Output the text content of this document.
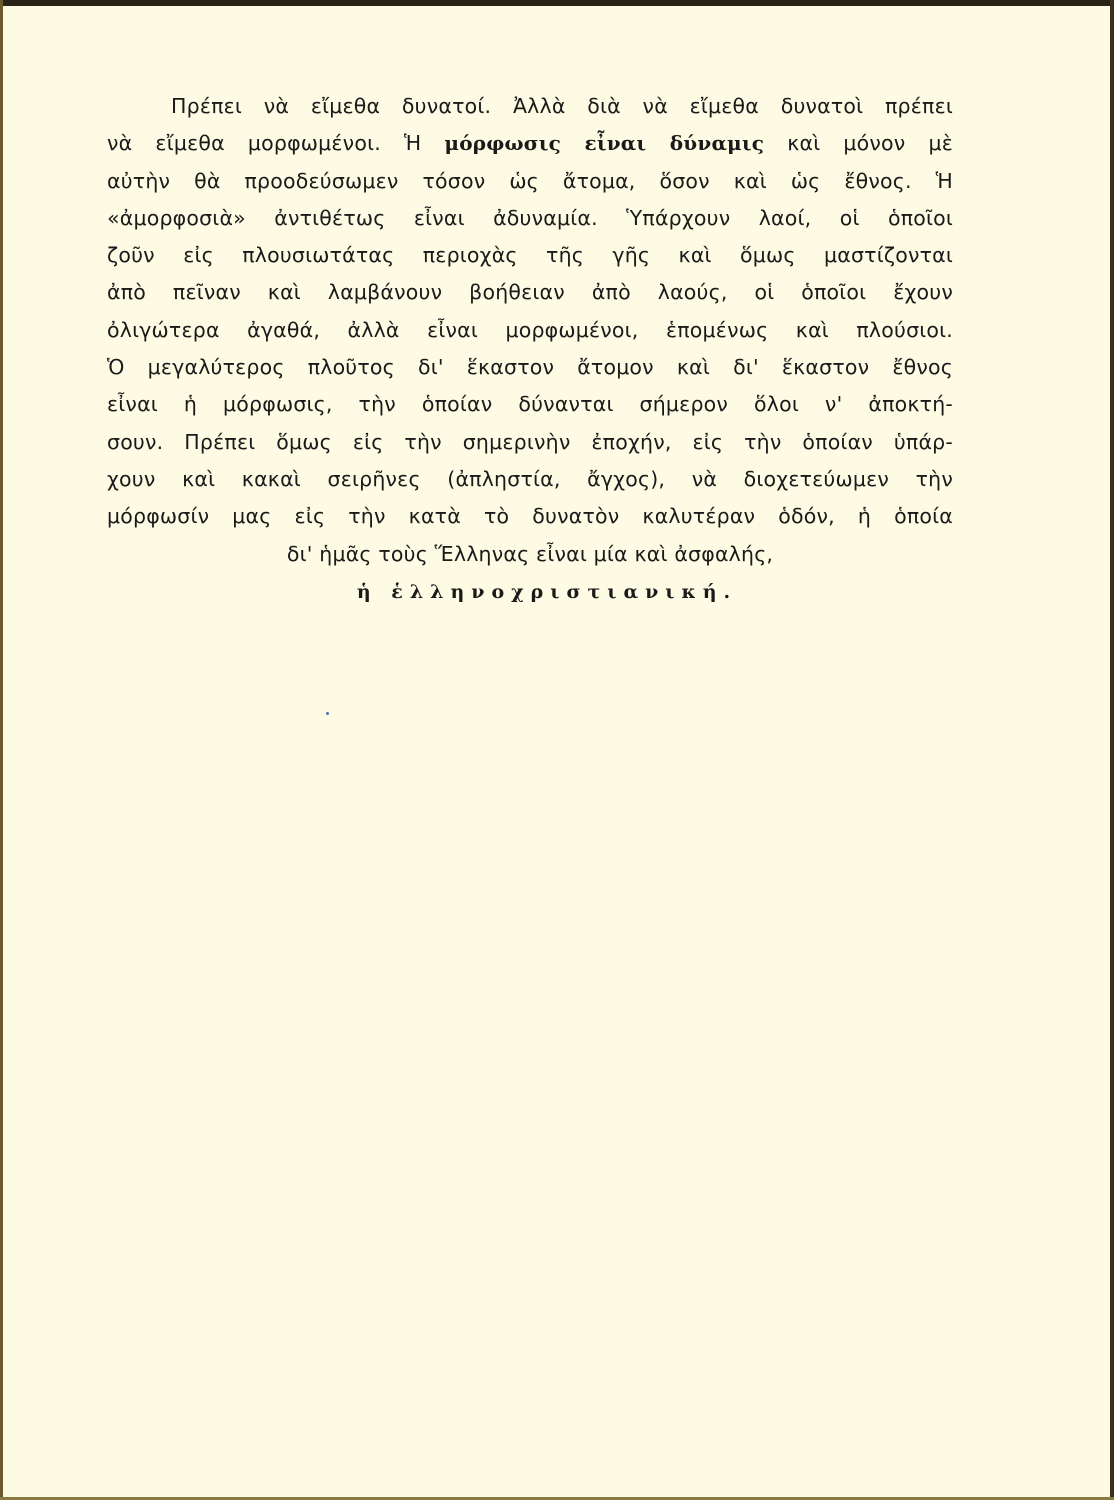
Πρέπει νὰ εἴμεθα δυνατοί. Ἀλλὰ διὰ νὰ εἴμεθα δυνατοὶ πρέπει
νὰ εἴμεθα μορφωμένοι. Ἡ μόρφωσις εἶναι δύναμις καὶ μόνον μὲ
αὐτὴν θὰ προοδεύσωμεν τόσον ὡς ἄτομα, ὅσον καὶ ὡς ἔθνος. Ἡ
«ἀμορφοσιὰ» ἀντιθέτως εἶναι ἀδυναμία. Ὑπάρχουν λαοί, οἱ ὁποῖοι
ζοῦν εἰς πλουσιωτάτας περιοχὰς τῆς γῆς καὶ ὅμως μαστίζονται
ἀπὸ πεῖναν καὶ λαμβάνουν βοήθειαν ἀπὸ λαούς, οἱ ὁποῖοι ἔχουν
ὀλιγώτερα ἀγαθά, ἀλλὰ εἶναι μορφωμένοι, ἑπομένως καὶ πλούσιοι.
Ὁ μεγαλύτερος πλοῦτος δι' ἕκαστον ἄτομον καὶ δι' ἕκαστον ἔθνος
εἶναι ἡ μόρφωσις, τὴν ὁποίαν δύνανται σήμερον ὅλοι ν' ἀποκτή-
σουν. Πρέπει ὅμως εἰς τὴν σημερινὴν ἐποχήν, εἰς τὴν ὁποίαν ὑπάρ-
χουν καὶ κακαὶ σειρῆνες (ἀπληστία, ἄγχος), νὰ διοχετεύωμεν τὴν
μόρφωσίν μας εἰς τὴν κατὰ τὸ δυνατὸν καλυτέραν ὁδόν, ἡ ὁποία
δι' ἡμᾶς τοὺς Ἕλληνας εἶναι μία καὶ ἀσφαλής,
ἡ ἑλληνοχριστιανική.
